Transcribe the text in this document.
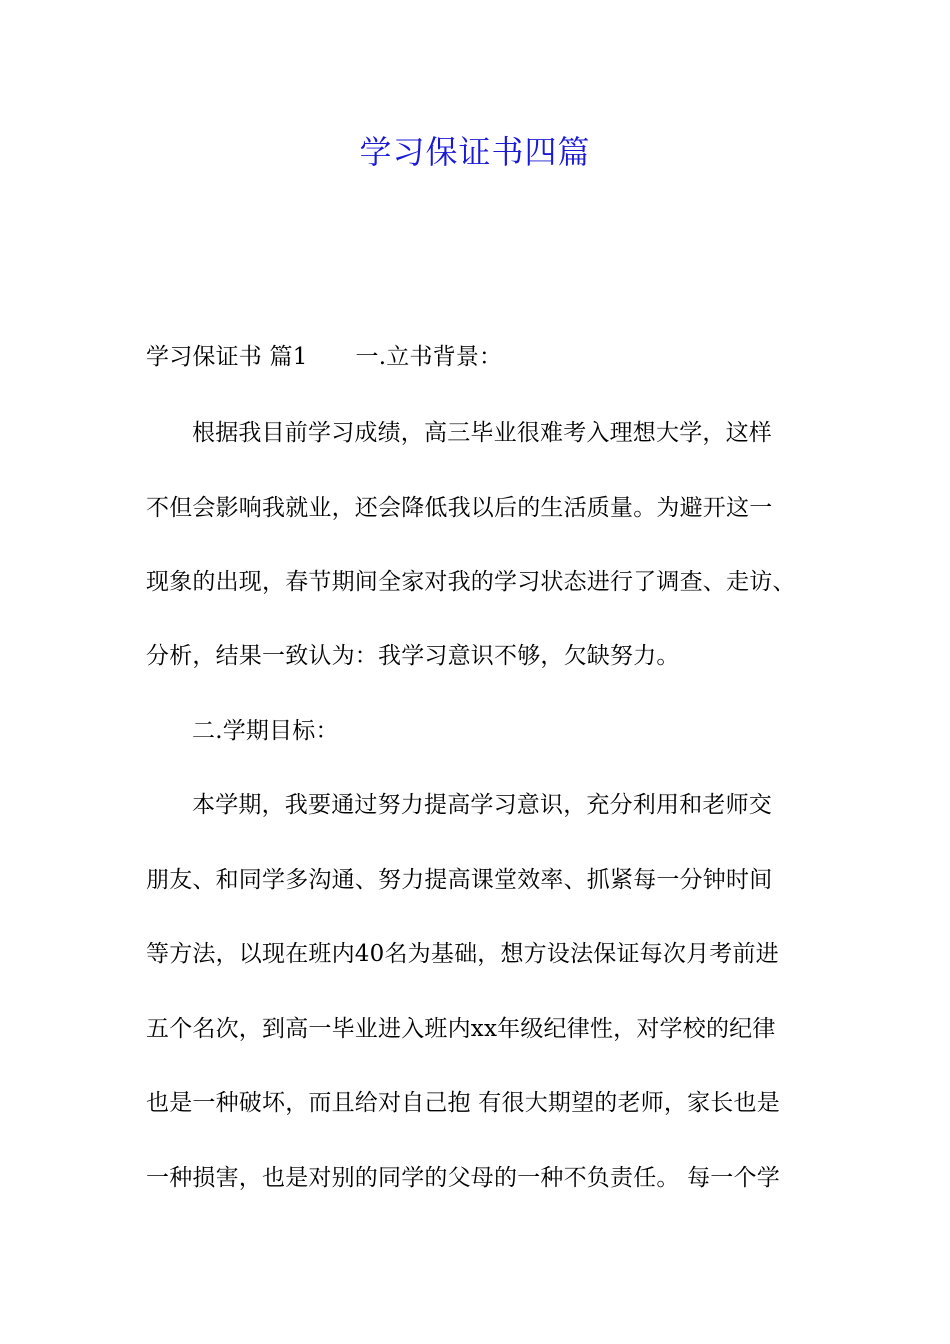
学习保证书四篇
学习保证书 篇1 一.立书背景：
根据我目前学习成绩，高三毕业很难考入理想大学，这样
不但会影响我就业，还会降低我以后的生活质量。为避开这一
现象的出现，春节期间全家对我的学习状态进行了调查、走访、
分析，结果一致认为：我学习意识不够，欠缺努力。
二.学期目标：
本学期，我要通过努力提高学习意识，充分利用和老师交
朋友、和同学多沟通、努力提高课堂效率、抓紧每一分钟时间
等方法，以现在班内40名为基础，想方设法保证每次月考前进
五个名次，到高一毕业进入班内xx年级纪律性，对学校的纪律
也是一种破坏，而且给对自己抱 有很大期望的老师，家长也是
一种损害，也是对别的同学的父母的一种不负责任。 每一个学
